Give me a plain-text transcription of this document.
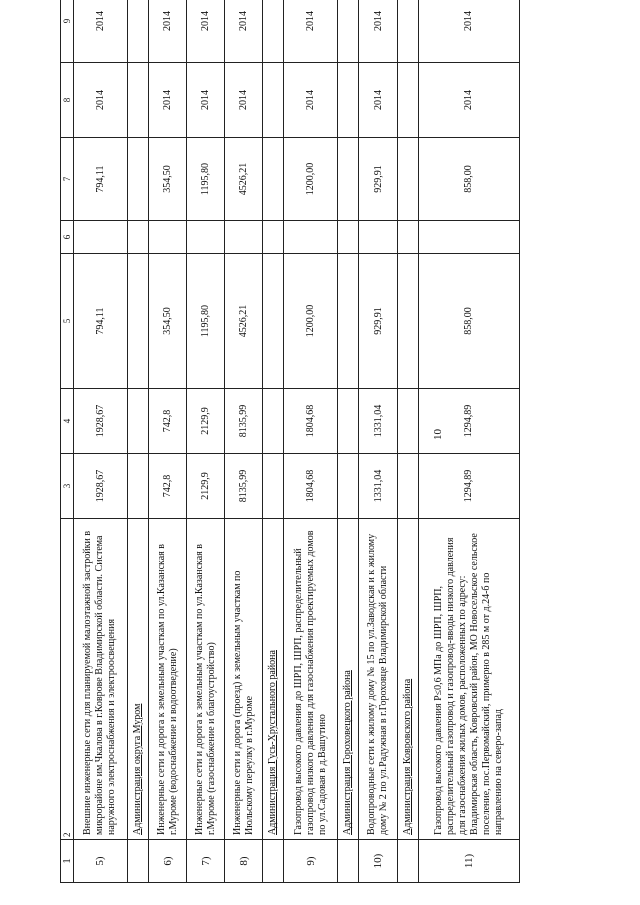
10
1	2	3	4	5	6	7	8	9
5)	Внешние инженерные сети для планируемой малоэтажной застройки в микрорайоне им.Чкалова в г.Коврове Владимирской области. Система наружного электроснабжения и электроосвещения	1928,67	1928,67	794,11		794,11	2014	2014
	Администрация округа Муром							
6)	Инженерные сети и дорога к земельным участкам по ул.Казанская в г.Муроме (водоснабжение и водоотведение)	742,8	742,8	354,50		354,50	2014	2014
7)	Инженерные сети и дорога к земельным участкам по ул.Казанская в г.Муроме (газоснабжение и благоустройство)	2129,9	2129,9	1195,80		1195,80	2014	2014
8)	Инженерные сети и дорога (проезд) к земельным участкам по Июльскому переулку в г.Муроме	8135,99	8135,99	4526,21		4526,21	2014	2014
	Администрация Гусь-Хрустального района							
9)	Газопровод высокого давления до ШРП, ШРП, распределительный газопровод низкого давления для газоснабжения проектируемых домов по ул.Садовая в д.Вашутино	1804,68	1804,68	1200,00		1200,00	2014	2014
	Администрация Гороховецкого района							
10)	Водопроводные сети к жилому дому № 15 по ул.Заводская и к жилому дому № 2 по ул.Радужная в г.Гороховце Владимирской области	1331,04	1331,04	929,91		929,91	2014	2014
	Администрация Ковровского района							
11)	Газопровод высокого давления P≤0,6 МПа до ШРП, ШРП, распределительный газопровод и газопровод-вводы низкого давления для газоснабжения жилых домов, расположенных по адресу: Владимирская область, Ковровский район, МО Новосельское сельское поселение, пос.Первомайский, примерно в 285 м от д.24-б по направлению на северо-запад	1294,89	1294,89	858,00		858,00	2014	2014
